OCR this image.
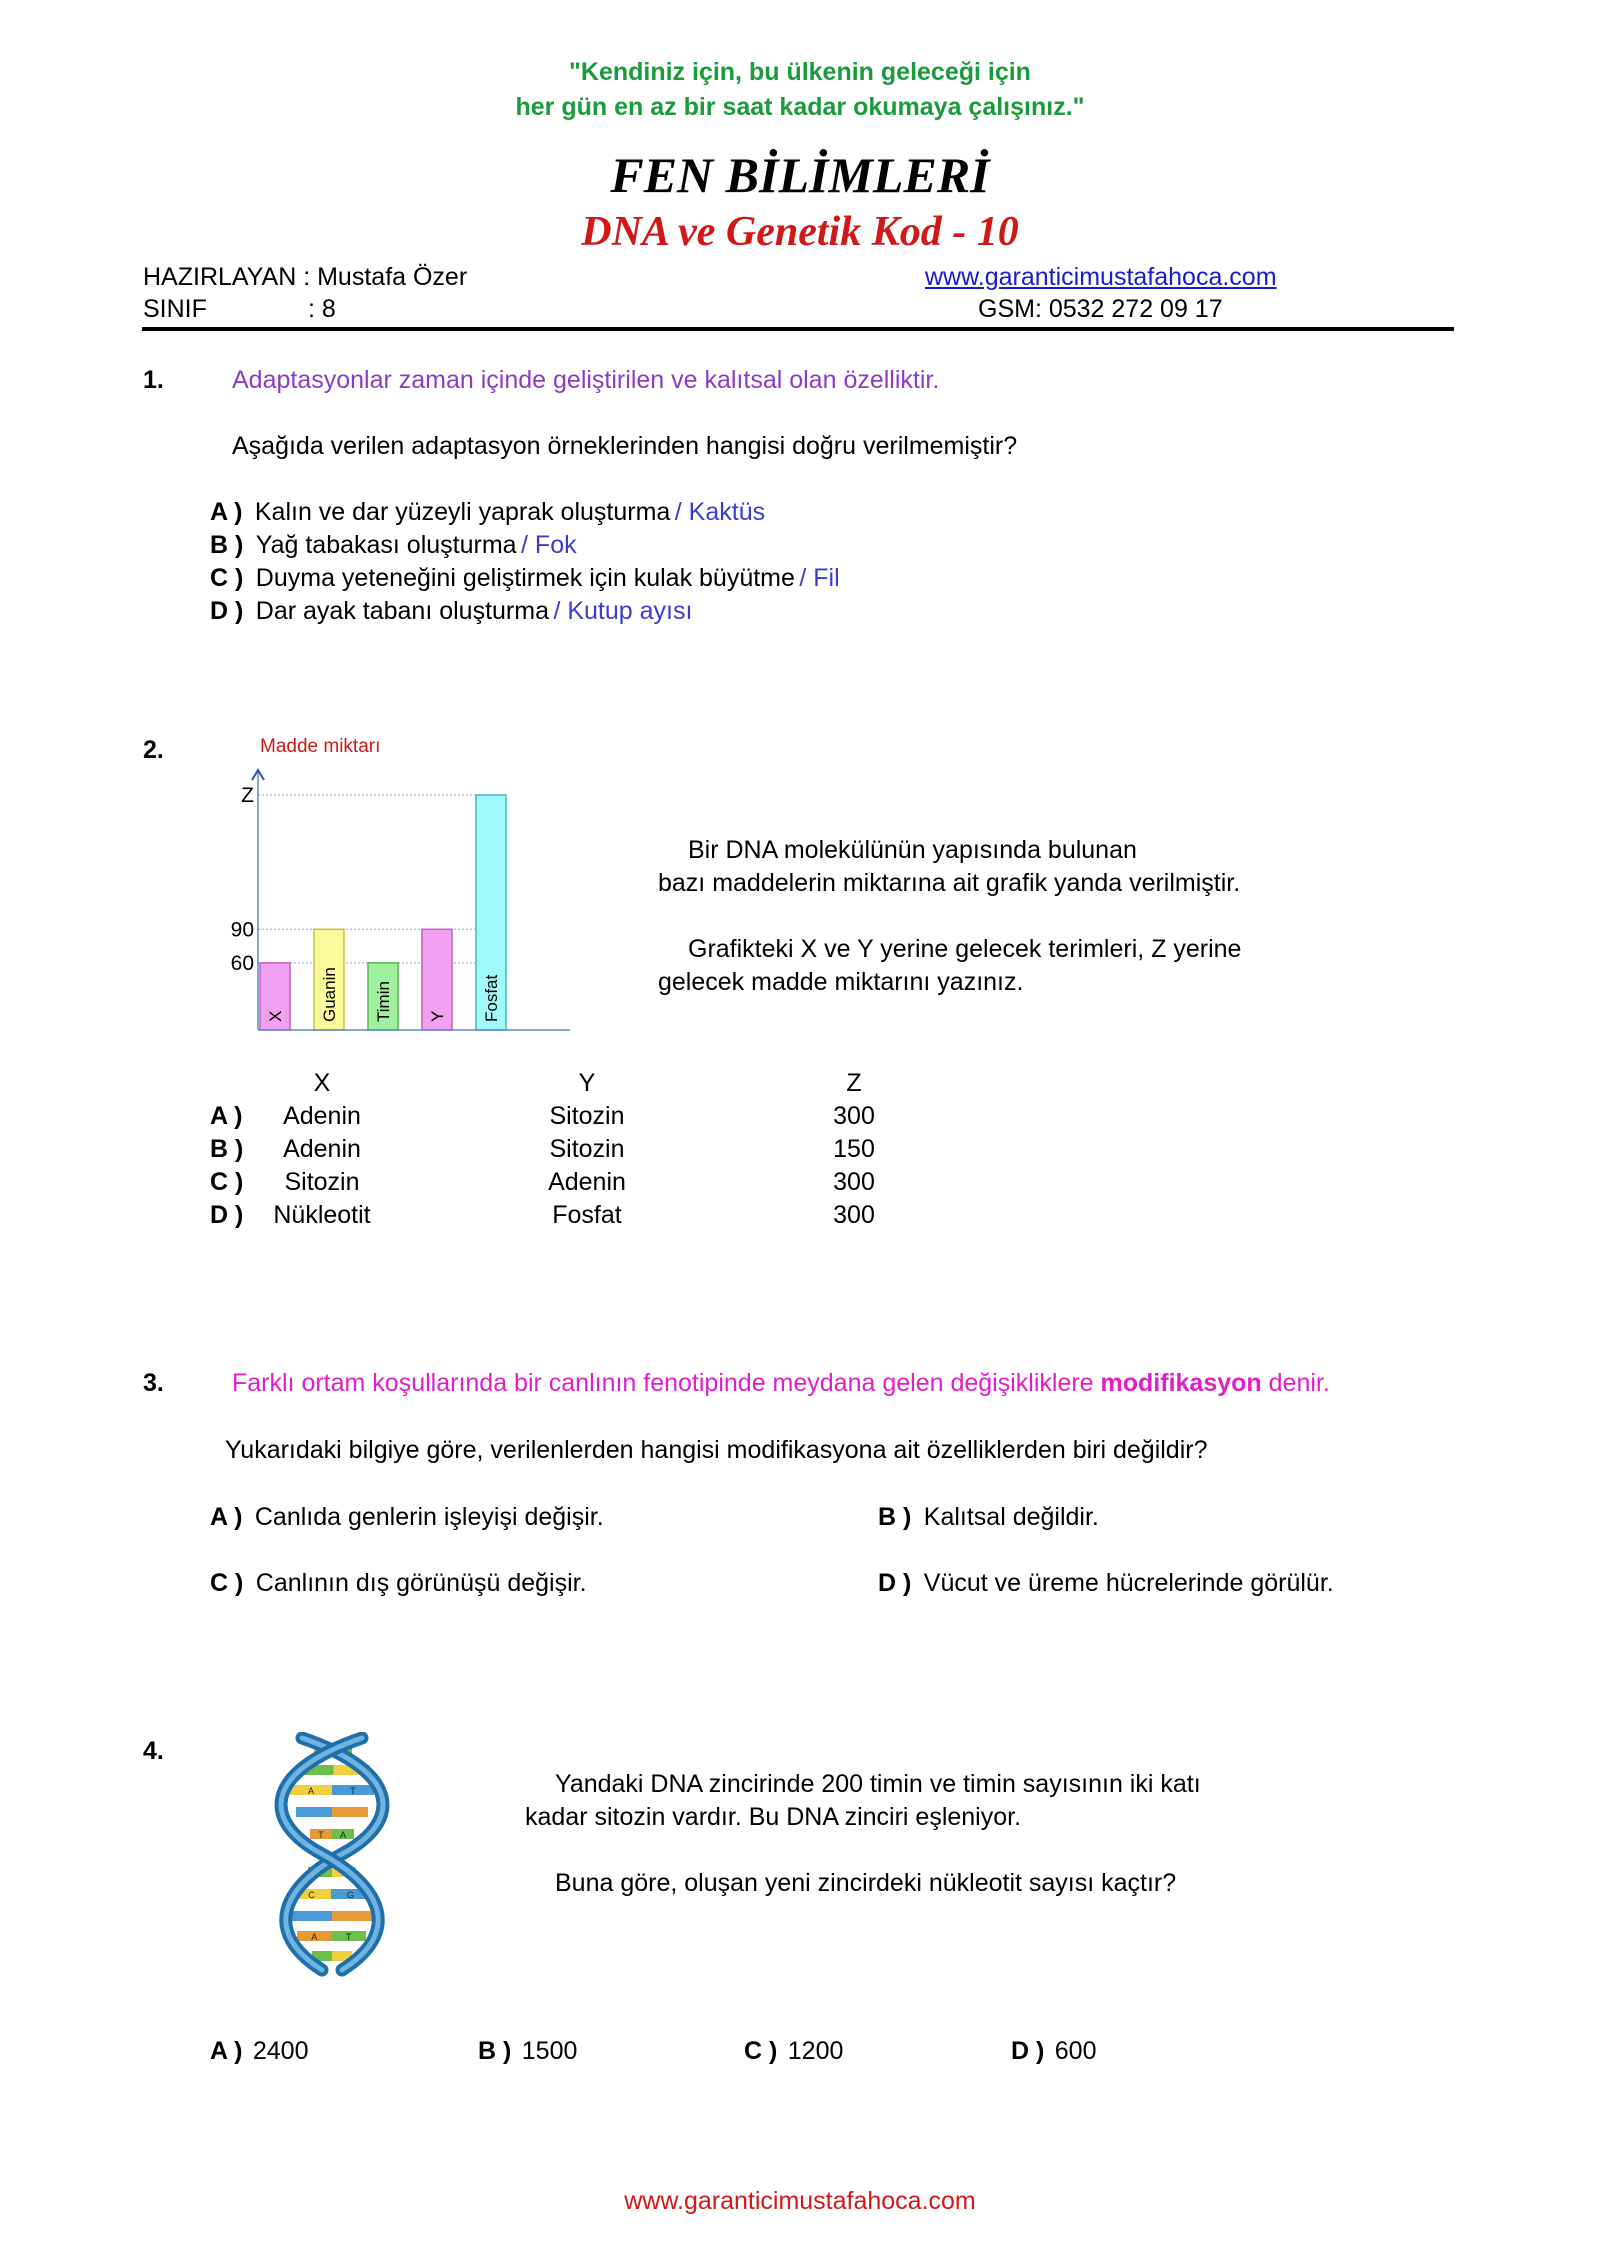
"Kendiniz için, bu ülkenin geleceği için
her gün en az bir saat kadar okumaya çalışınız."
FEN BİLİMLERİ
DNA ve Genetik Kod - 10
HAZIRLAYAN : Mustafa Özer	www.garanticimustafahoca.com
SINIF	: 8	GSM: 0532 272 09 17
1.	Adaptasyonlar zaman içinde geliştirilen ve kalıtsal olan özelliktir.
Aşağıda verilen adaptasyon örneklerinden hangisi doğru verilmemiştir?
A ) Kalın ve dar yüzeyli yaprak oluşturma / Kaktüs
B ) Yağ tabakası oluşturma / Fok
C ) Duyma yeteneğini geliştirmek için kulak büyütme / Fil
D ) Dar ayak tabanı oluşturma / Kutup ayısı
2.
X Guanin Timin Y Fosfat
60
90
Z
Madde miktarı
Bir DNA molekülünün yapısında bulunan
bazı maddelerin miktarına ait grafik yanda verilmiştir.
Grafikteki X ve Y yerine gelecek terimleri, Z yerine
gelecek madde miktarını yazınız.
X	Y	Z
A )	Adenin	Sitozin	300
B )	Adenin	Sitozin	150
C )	Sitozin	Adenin	300
D )	Nükleotit	Fosfat	300
3.	Farklı ortam koşullarında bir canlının fenotipinde meydana gelen değişikliklere modifikasyon denir.
Yukarıdaki bilgiye göre, verilenlerden hangisi modifikasyona ait özelliklerden biri değildir?
A ) Canlıda genlerin işleyişi değişir.	B ) Kalıtsal değildir.
C ) Canlının dış görünüşü değişir.	D ) Vücut ve üreme hücrelerinde görülür.
4.	G C
A	T
T A
C	G
A	T
Yandaki DNA zincirinde 200 timin ve timin sayısının iki katı
kadar sitozin vardır. Bu DNA zinciri eşleniyor.
Buna göre, oluşan yeni zincirdeki nükleotit sayısı kaçtır?
A ) 2400	B ) 1500	C ) 1200	D ) 600
www.garanticimustafahoca.com
